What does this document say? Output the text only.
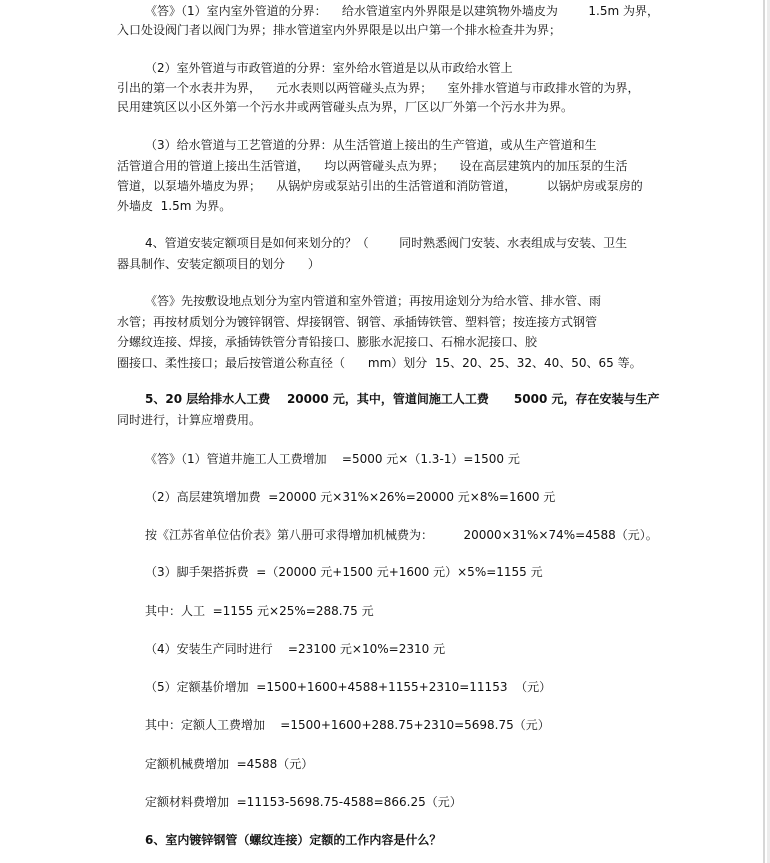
《答》（1）室内室外管道的分界：    给水管道室内外界限是以建筑物外墙皮为        1.5m 为界，
入口处设阀门者以阀门为界；排水管道室内外界限是以出户第一个排水检查井为界；
（2）室外管道与市政管道的分界：室外给水管道是以从市政给水管上
引出的第一个水表井为界，    元水表则以两管碰头点为界；    室外排水管道与市政排水管的为界，
民用建筑区以小区外第一个污水井或两管碰头点为界，厂区以厂外第一个污水井为界。
（3）给水管道与工艺管道的分界：从生活管道上接出的生产管道，或从生产管道和生
活管道合用的管道上接出生活管道，    均以两管碰头点为界；    设在高层建筑内的加压泵的生活
管道，以泵墙外墙皮为界；    从锅炉房或泵站引出的生活管道和消防管道，        以锅炉房或泵房的
外墙皮  1.5m 为界。
4、管道安装定额项目是如何来划分的？（        同时熟悉阀门安装、水表组成与安装、卫生
器具制作、安装定额项目的划分      ）
《答》先按敷设地点划分为室内管道和室外管道；再按用途划分为给水管、排水管、雨
水管；再按材质划分为镀锌钢管、焊接钢管、钢管、承插铸铁管、塑料管；按连接方式钢管
分螺纹连接、焊接，承插铸铁管分青铅接口、膨胀水泥接口、石棉水泥接口、胶
圈接口、柔性接口；最后按管道公称直径（      mm）划分  15、20、25、32、40、50、65 等。
5、20 层给排水人工费    20000 元，其中，管道间施工人工费      5000 元，存在安装与生产
同时进行，计算应增费用。
《答》（1）管道井施工人工费增加    =5000 元×（1.3-1）=1500 元
（2）高层建筑增加费  =20000 元×31%×26%=20000 元×8%=1600 元
按《江苏省单位估价表》第八册可求得增加机械费为：        20000×31%×74%=4588（元）。
（3）脚手架搭拆费  =（20000 元+1500 元+1600 元）×5%=1155 元
其中：人工  =1155 元×25%=288.75 元
（4）安装生产同时进行    =23100 元×10%=2310 元
（5）定额基价增加  =1500+1600+4588+1155+2310=11153  （元）
其中：定额人工费增加    =1500+1600+288.75+2310=5698.75（元）
定额机械费增加  =4588（元）
定额材料费增加  =11153-5698.75-4588=866.25（元）
6、室内镀锌钢管（螺纹连接）定额的工作内容是什么？
